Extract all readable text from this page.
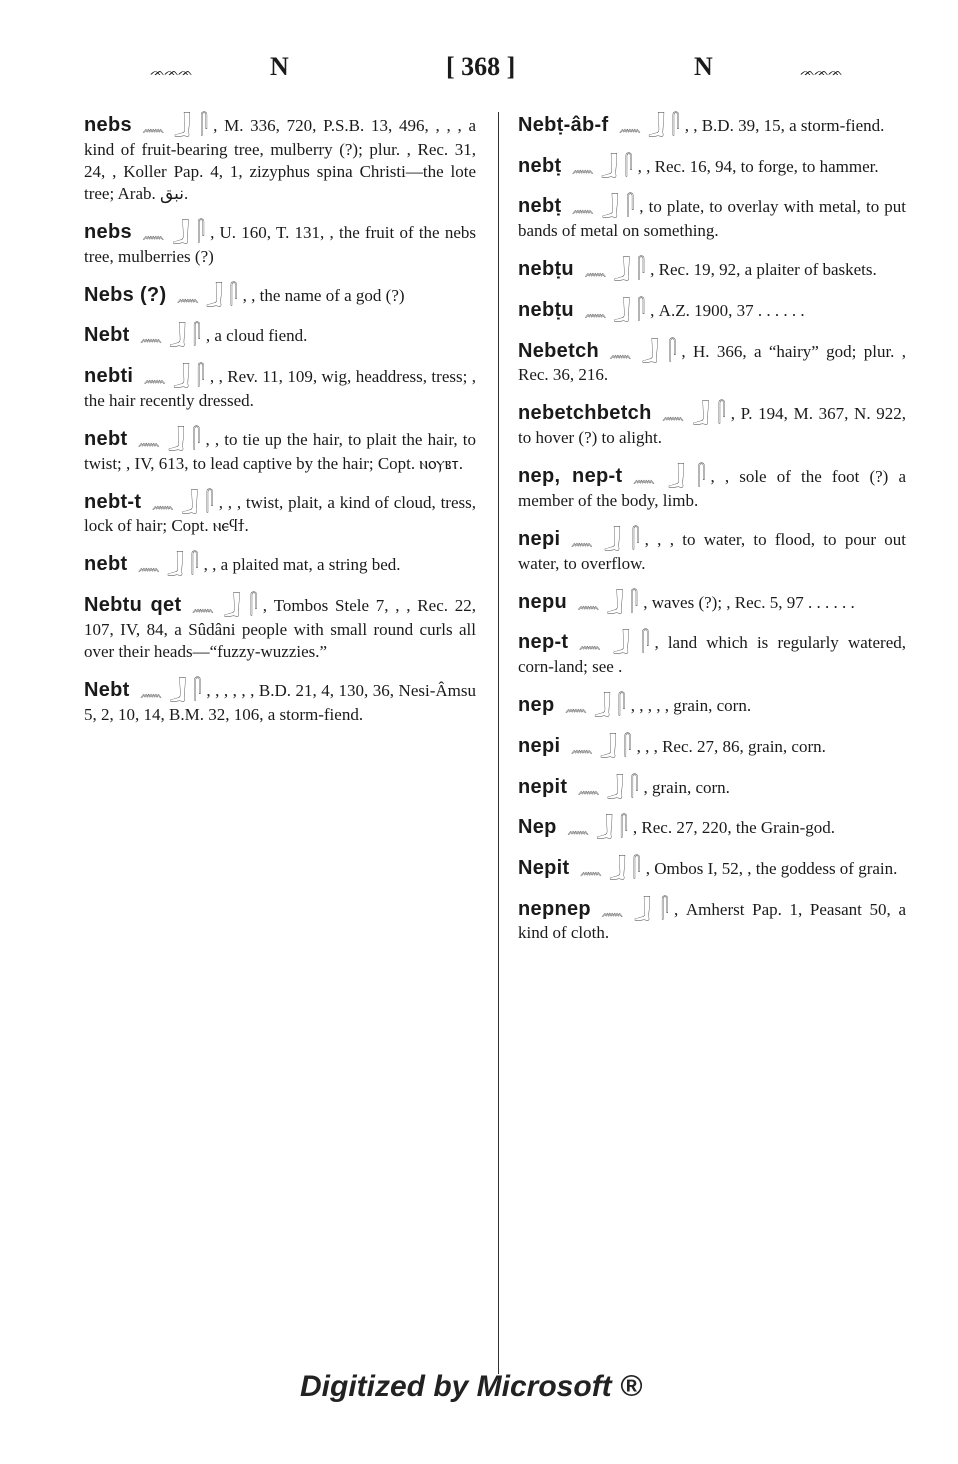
ᨏᨏᨏ	N	[ 368 ]	N	ᨏᨏᨏ

nebs 𓈖 𓃀 𓋴 , M. 336, 720, P.S.B. 13, 496, , , , a kind of fruit-bearing tree, mulberry (?); plur. , Rec. 31, 24, , Koller Pap. 4, 1, zizyphus spina Christi—the lote tree; Arab. نبق.

nebs 𓈖 𓃀 𓋴 , U. 160, T. 131, , the fruit of the nebs tree, mulberries (?)

Nebs (?) 𓈖 𓃀 𓋴 , , the name of a god (?)

Nebt 𓈖 𓃀 𓋴 , a cloud fiend.

nebti 𓈖 𓃀 𓋴 , , Rev. 11, 109, wig, headdress, tress; , the hair recently dressed.

nebt 𓈖 𓃀 𓋴 , , to tie up the hair, to plait the hair, to twist; , IV, 613, to lead captive by the hair; Copt. ⲛⲟⲩⲃⲧ.

nebt-t 𓈖 𓃀 𓋴 , , , twist, plait, a kind of cloud, tress, lock of hair; Copt. ⲛⲉϥϯ.

nebt 𓈖 𓃀 𓋴 , , a plaited mat, a string bed.

Nebtu qet 𓈖 𓃀 𓋴 , Tombos Stele 7, , , Rec. 22, 107, IV, 84, a Sûdâni people with small round curls all over their heads—“fuzzy-wuzzies.”

Nebt 𓈖 𓃀 𓋴 , , , , , , B.D. 21, 4, 130, 36, Nesi-Âmsu 5, 2, 10, 14, B.M. 32, 106, a storm-fiend.

Nebṭ-âb-f 𓈖 𓃀 𓋴 , , B.D. 39, 15, a storm-fiend.

nebṭ 𓈖 𓃀 𓋴 , , Rec. 16, 94, to forge, to hammer.

nebṭ 𓈖 𓃀 𓋴 , to plate, to overlay with metal, to put bands of metal on something.

nebṭu 𓈖 𓃀 𓋴 , Rec. 19, 92, a plaiter of baskets.

nebṭu 𓈖 𓃀 𓋴 , A.Z. 1900, 37 . . . . . .

Nebetch 𓈖 𓃀 𓋴 , H. 366, a “hairy” god; plur. , Rec. 36, 216.

nebetchbetch 𓈖 𓃀 𓋴 , P. 194, M. 367, N. 922, to hover (?) to alight.

nep, nep-t 𓈖 𓃀 𓋴 , , sole of the foot (?) a member of the body, limb.

nepi 𓈖 𓃀 𓋴 , , , to water, to flood, to pour out water, to overflow.

nepu 𓈖 𓃀 𓋴 , waves (?); , Rec. 5, 97 . . . . . .

nep-t 𓈖 𓃀 𓋴 , land which is regularly watered, corn-land; see .

nep 𓈖 𓃀 𓋴 , , , , , grain, corn.

nepi 𓈖 𓃀 𓋴 , , , Rec. 27, 86, grain, corn.

nepit 𓈖 𓃀 𓋴 , grain, corn.

Nep 𓈖 𓃀 𓋴 , Rec. 27, 220, the Grain-god.

Nepit 𓈖 𓃀 𓋴 , Ombos I, 52, , the goddess of grain.

nepnep 𓈖 𓃀 𓋴 , Amherst Pap. 1, Peasant 50, a kind of cloth.

Digitized by Microsoft ®
